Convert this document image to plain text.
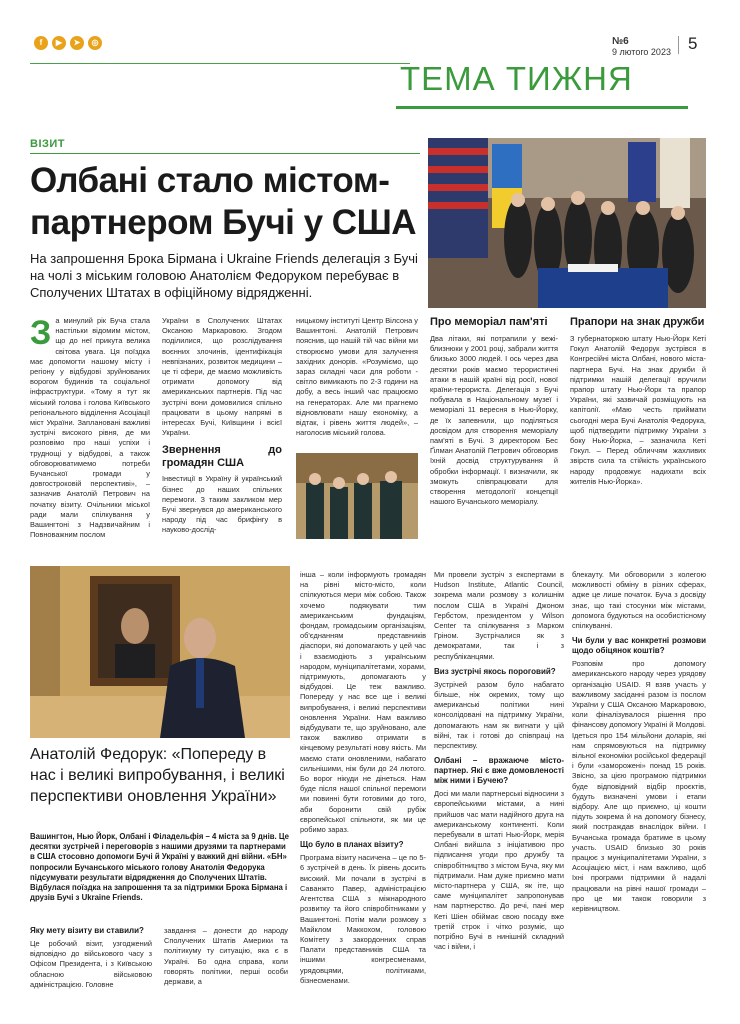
f	▶	➤	◎	№6
9 лютого 2023 5
ТЕМА ТИЖНЯ
ВІЗИТ
Олбані стало містом-партнером Бучі у США
На запрошення Брока Бірмана і Ukraine Friends делегація з Бучі на чолі з міським головою Анатолієм Федоруком перебуває в Сполучених Штатах в офіційному відрядженні.
З а минулий рік Буча стала настільки відомим містом, що до неї прикута велика світова увага. Ця поїздка має допомогти нашому місту і регіону у відбудові зруйнованих ворогом будинків та соціальної інфраструктури. «Тому я тут як міський голова і голова Київського регіонального відділення Асоціації міст України. Заплановані важливі зустрічі високого рівня, де ми розповімо про наші успіхи і труднощі у відбудові, а також обговорюватимемо потреби Бучанської громади у довгостроковій перспективі», – зазначив Анатолій Петрович на початку візиту. Очільники міської ради мали спілкування у Вашингтоні з Надзвичайним і Повноважним послом

України в Сполучених Штатах Оксаною Маркаровою. Згодом поділилися, що розслідування воєнних злочинів, ідентифікація невпізнаних, розвиток медицини – це ті сфери, де маємо можливість отримати допомогу від американських партнерів. Під час зустрічі вони домовилися спільно працювати в цьому напрямі в інтересах Бучі, Київщини і всієї України.

Звернення до громадян США

Інвестиції в Україну й український бізнес до наших спільних перемоги. З таким закликом мер Бучі звернувся до американського народу під час брифінгу в науково-дослід-

ницькому інституті Центр Вілсона у Вашингтоні. Анатолій Петрович пояснив, що нашій тій час війни ми створюємо умови для залучення західних донорів. «Розуміємо, що зараз складні часи для роботи - світло вимикають по 2-3 години на добу, а весь інший час працюємо на генераторах. Але ми прагнемо відновлювати нашу економіку, а відтак, і рівень життя людей», – наголосив міський голова.

Про меморіал пам'яті

Два літаки, які потрапили у вежі-близнюки у 2001 році, забрали життя близько 3000 людей. І ось через два десятки років маємо терористичні атаки в нашій країні від росії, нової країни-терориста. Делегація з Бучі побувала в Національному музеї і меморіалі 11 вересня в Нью-Йорку, де їх запевнили, що поділяться досвідом для створення меморіалу пам'яті в Бучі. З директором Бес Ґілман Анатолій Петрович обговорив їхній досвід структурування й обробки інформації. І визначили, як зможуть співпрацювати для створення методології концепції нашого Бучанського меморіалу.

Прапори на знак дружби

З губернаторкою штату Нью-Йорк Кеті Гокул Анатолій Федорук зустрівся в Конгресійні міста Олбані, нового міста-партнера Бучі. На знак дружби й підтримки нашій делегації вручили прапор штату Нью-Йорк та прапор України, які зазвичай розміщують на капітолії. «Маю честь приймати сьогодні мера Бучі Анатолія Федорука, щоб підтвердити підтримку України з боку Нью-Йорка, – зазначила Кеті Гокул. – Перед обличчям жахливих звірств сила та стійкість українського народу продовжує надихати всіх жителів Нью-Йорка».

Анатолій Федорук: «Попереду в нас і великі випробування, і великі перспективи оновлення України»
Вашингтон, Нью Йорк, Олбані і Філадельфія – 4 міста за 9 днів. Це десятки зустрічей і переговорів з нашими друзями та партнерами в США стосовно допомоги Бучі й Україні у важкий дні війни. «БН» попросили Бучанського міського голову Анатолія Федорука підсумувати результати відрядження до Сполучених Штатів. Відбулася поїздка на запрошення та за підтримки Брока Бірмана і друзів Бучі з Ukraine Friends.
Яку мету візиту ви ставили?

Це робочий візит, узгоджений відповідно до військового часу з Офісом Президента, і з Київською обласною військовою адміністрацією. Головне

завдання – донести до народу Сполучених Штатів Америки та політикуму ту ситуацію, яка є в Україні. Бо одна справа, коли говорять політики, перші особи держави, а

інша – коли інформують громадян на рівні місто-місто, коли спілкуються мери між собою. Також хочемо подякувати тим американським фундаціям, фондам, громадським організаціям, об'єднанням представників діаспори, які допомагають у цей час і взаємодіють з українським народом, муніципалітетами, хорами, підтримують, допомагають у відбудові. Це теж важливо. Попереду у нас все ще і великі випробування, і великі перспективи оновлення України. Нам важливо відбудувати те, що зруйновано, але також важливо отримати в кінцевому результаті нову якість. Ми маємо стати оновленими, набагато сильнішими, ніж були до 24 лютого. Бо ворог нікуди не дінеться. Нам буде після нашої спільної перемоги ми повинні бути готовими до того, аби боронити свій рубіж європейської спільноти, як ми це робимо зараз.

Що було в планах візиту?

Програма візиту насичена – це по 5-6 зустрічей в день. Їх рівень досить високий. Ми почали в зустрічі в Саванжто Павер, адміністрацією Агентства США з міжнародного розвитку та його співробітниками у Вашингтоні. Потім мали розмову з Майклом Маккохом, головою Комітету з закордонних справ Палати представників США та іншими конгресменами, урядовцями, політиками, бізнесменами.

Ми провели зустріч з експертами в Hudson Institute, Atlantic Council, зокрема мали розмову з колишнім послом США в Україні Джоном Гербстом, президентом у Wilson Center та спілкування з Марком Гріном. Зустрічалися як з демократами, так і з республіканцями.

Виз зустрічі якось пороговий?

Зустрічей разом було набагато більше, ніж окремих, тому що американські політики нині консолідовані на підтримку України, допомагають нам як вигнати у цій війні, так і готові до співпраці на перспективу.

Олбані – вражаюче місто-партнер. Які є вже домовленості між ними і Бучею?

Досі ми мали партнерські відносини з європейськими містами, а нині прийшов час мати надійного друга на американському континенті. Коли перебували в штаті Нью-Йорк, мерія Олбані вийшла з ініціативою про підписання угоди про дружбу та співробітництво з містом Буча, яку ми підтримали. Нам дуже приємно мати місто-партнера у США, як іте, що саме муніципалітет запропонував нам партнерство. До речі, пані мер Кеті Шіен обіймає свою посаду вже третій строк і чітко розуміє, що потрібно Бучі в нинішній складний час і війни, і

блекауту. Ми обговорили з колегою можливості обміну в різних сферах, адже це лише початок. Буча з досвіду знає, що такі стосунки між містами, допомога будуються на особистісному спілкуванні.

Чи були у вас конкретні розмови щодо обіцянок коштів?

Розповім про допомогу американського народу через урядову організацію USAID. Я взяв участь у важливому засіданні разом із послом України у США Оксаною Маркаровою, коли фіналізувалося рішення про фінансову допомогу Україні й Молдові. Ідеться про 154 мільйони доларів, які нам спрямовуються на підтримку вільної економіки російської федерації і були «заморожені» понад 15 років. Звісно, за цією програмою підтримки буде відповідний відбір проєктів, будуть визначені умови і етапи відбору. Але що приємно, ці кошти підуть зокрема й на допомогу бізнесу, який постраждав внаслідок війни. І Бучанська громада братиме в цьому участь. USAID близько 30 років працює з муніципалітетами України, з Асоціацією міст, і нам важливо, щоб їхні програми підтримки й надалі працювали на рівні нашої громади – про це ми також говорили з керівництвом.
